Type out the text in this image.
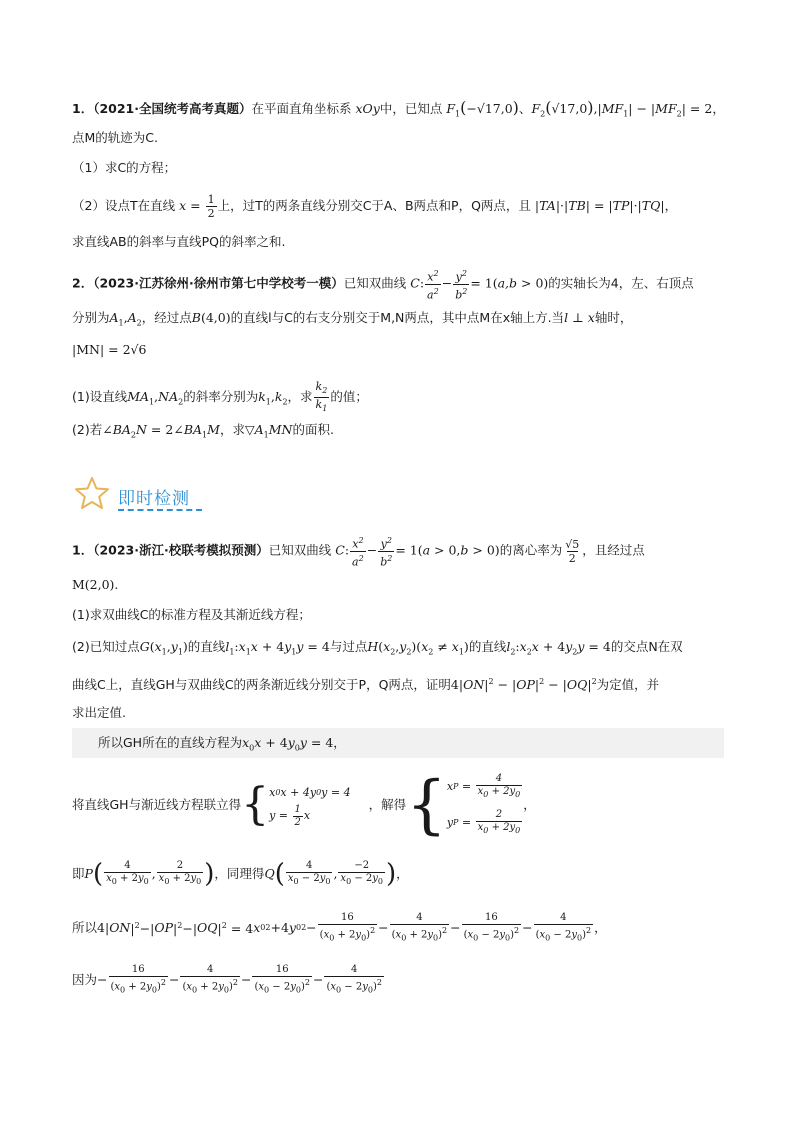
1．（2021·全国统考高考真题）在平面直角坐标系 xOy中，已知点 $F_1(-√17,0)$、$F_2(√17,0),|MF_1| - |MF_2| = 2$，
点M的轨迹为C.
（1）求C的方程；
（2）设点T在直线 $x = \frac{1}{2}$ 上，过T的两条直线分别交C于A、B两点和P，Q两点，且 |TA|·|TB| = |TP|·|TQ|，
求直线AB的斜率与直线PQ的斜率之和.
2．（2023·江苏徐州·徐州市第七中学校考一模）已知双曲线 C: $\frac{x^2}{a^2} - \frac{y^2}{b^2} = 1(a,b > 0)$的实轴长为4，左、右顶点
分别为$A_1,A_2$，经过点B(4,0)的直线l与C的右支分别交于M,N两点，其中点M在x轴上方.当l ⊥ x轴时，
|MN| = 2√6
(1)设直线$MA_1,NA_2$的斜率分别为$k_1,k_2$，求 $\frac{k_2}{k_1}$ 的值；
(2)若$\angle BA_2N$ = $2\angle BA_1M$，求$▽A_1MN$的面积.
即时检测
1．（2023·浙江·校联考模拟预测）已知双曲线 C: $\frac{x^2}{a^2} - \frac{y^2}{b^2} = 1(a > 0,b > 0)$的离心率为 $\frac{√5}{2}$ ，且经过点
M(2,0).
(1)求双曲线C的标准方程及其渐近线方程；
(2)已知过点$G(x_1,y_1)$的直线$l_1:x_1x + 4y_1y = 4$与过点$H(x_2,y_2)(x_2 \ne x_1)$的直线$l_2:x_2x + 4y_2y = 4$的交点N在双
曲线C上，直线GH与双曲线C的两条渐近线分别交于P，Q两点，证明$4|ON|^2 - |OP|^2 - |OQ|^2$为定值，并
求出定值.
所以GH所在的直线方程为$x_0x + 4y_0y = 4$，
将直线GH与渐近线方程联立得 { x 0 x + 4 y 0 y = 4
$y = \frac{1}{2}$ x
，解得 { x $P = \frac{4}{x_0 + 2y_0}$
y $P = \frac{2}{x_0 + 2y_0}$
，
即 P ( $\frac{4}{x_0 + 2y_0}$ , $\frac{2}{x_0 + 2y_0}$ ) ，同理得 Q ( $\frac{4}{x_0 - 2y_0}$ , $\frac{-2}{x_0 - 2y_0}$ ) ，
所以 4| ON $|^2-|$ OP $|^2-|$ OQ $|^2 = 4$ x 0 2 +4 y 0 $2 - \frac{16}{(x_0 + 2y_0)^2} - \frac{4}{(x_0 + 2y_0)^2} - \frac{16}{(x_0 - 2y_0)^2} - \frac{4}{(x_0 - 2y_0)^2}$ ，
因为 − $\frac{16}{(x_0 + 2y_0)^2} - \frac{4}{(x_0 + 2y_0)^2} - \frac{16}{(x_0 - 2y_0)^2} - \frac{4}{(x_0 - 2y_0)^2}$
